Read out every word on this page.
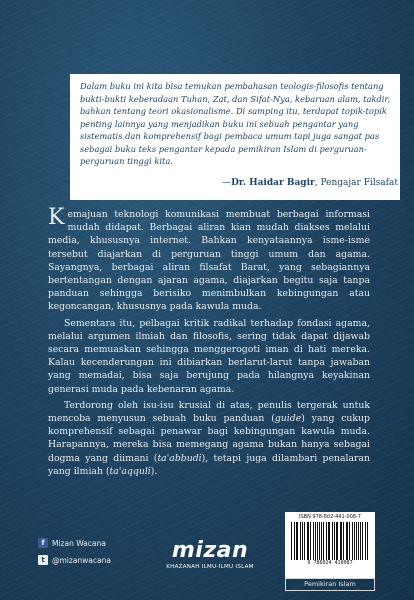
Dalam buku ini kita bisa temukan pembahasan teologis-filosofis tentang bukti-bukti keberadaan Tuhan, Zat, dan Sifat-Nya, kebaruan alam, takdir, bahkan tentang teori okasionalisme. Di samping itu, terdapat topik-topik penting lainnya yang menjadikan buku ini sebuah pengantar yang sistematis dan komprehensif bagi pembaca umum tapi juga sangat pas sebagai buku teks pengantar kepada pemikiran Islam di perguruan-perguruan tinggi kita.

—Dr. Haidar Bagir, Pengajar Filsafat

Kemajuan teknologi komunikasi membuat berbagai informasi mudah didapat. Berbagai aliran kian mudah diakses melalui media, khususnya internet. Bahkan kenyataannya isme-isme tersebut diajarkan di perguruan tinggi umum dan agama. Sayangnya, berbagai aliran filsafat Barat, yang sebagiannya bertentangan dengan ajaran agama, diajarkan begitu saja tanpa panduan sehingga berisiko menimbulkan kebingungan atau kegoncangan, khususnya pada kawula muda.

Sementara itu, pelbagai kritik radikal terhadap fondasi agama, melalui argumen ilmiah dan filosofis, sering tidak dapat dijawab secara memuaskan sehingga menggerogoti iman di hati mereka. Kalau kecenderungan ini dibiarkan berlarut-larut tanpa jawaban yang memadai, bisa saja berujung pada hilangnya keyakinan generasi muda pada kebenaran agama.

Terdorong oleh isu-isu krusial di atas, penulis tergerak untuk mencoba menyusun sebuah buku panduan (guide) yang cukup komprehensif sebagai penawar bagi kebingungan kawula muda. Harapannya, mereka bisa memegang agama bukan hanya sebagai dogma yang diimani (ta'abbudi), tetapi juga dilambari penalaran yang ilmiah (ta'aqquli).

f Mizan Wacana
t @mizanwacana	mizan
KHAZANAH ILMU-ILMU ISLAM
ISBN 978-602-441-008-7
9 786024 410087
Pemikiran Islam
